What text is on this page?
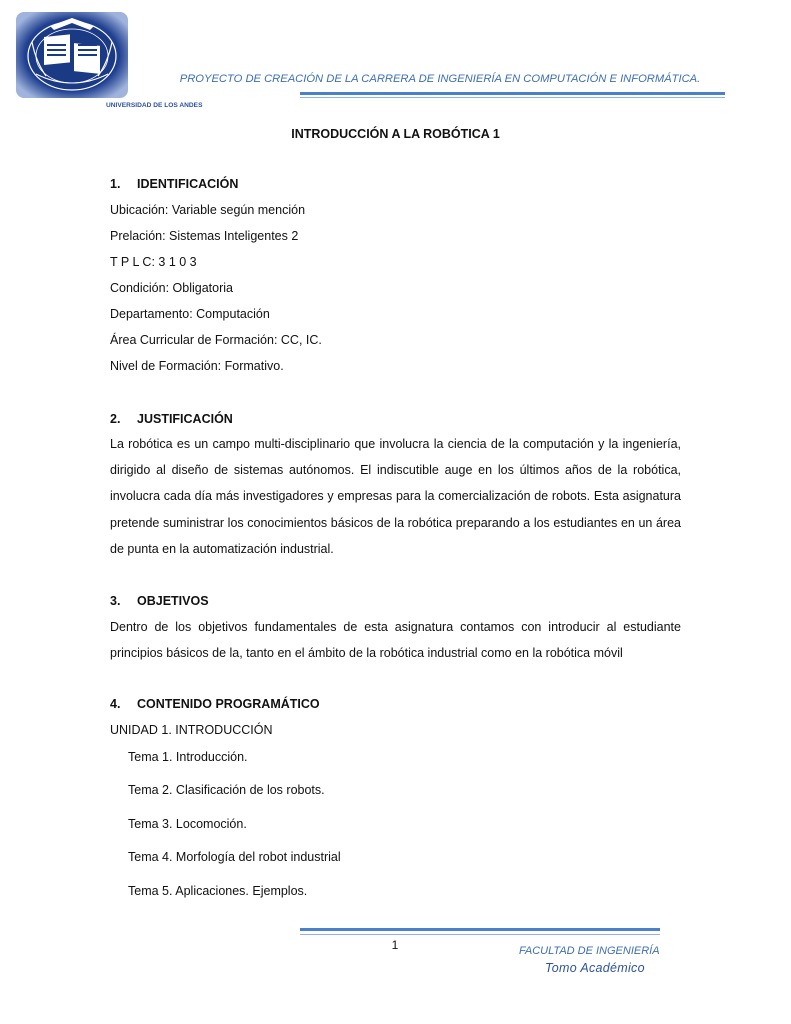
PROYECTO DE CREACIÓN DE LA CARRERA DE INGENIERÍA EN COMPUTACIÓN E INFORMÁTICA.
UNIVERSIDAD DE LOS ANDES
INTRODUCCIÓN A LA ROBÓTICA 1
1. IDENTIFICACIÓN
Ubicación: Variable según mención
Prelación: Sistemas Inteligentes 2
T P L C: 3 1 0 3
Condición: Obligatoria
Departamento: Computación
Área Curricular de Formación: CC, IC.
Nivel de Formación: Formativo.
2. JUSTIFICACIÓN
La robótica es un campo multi-disciplinario que involucra la ciencia de la computación y la ingeniería, dirigido al diseño de sistemas autónomos. El indiscutible auge en los últimos años de la robótica, involucra cada día más investigadores y empresas para la comercialización de robots. Esta asignatura pretende suministrar los conocimientos básicos de la robótica preparando a los estudiantes en un área de punta en la automatización industrial.
3. OBJETIVOS
Dentro de los objetivos fundamentales de esta asignatura contamos con introducir al estudiante principios básicos de la, tanto en el ámbito de la robótica industrial como en la robótica móvil
4. CONTENIDO PROGRAMÁTICO
UNIDAD 1. INTRODUCCIÓN
Tema 1. Introducción.
Tema 2. Clasificación de los robots.
Tema 3. Locomoción.
Tema 4. Morfología del robot industrial
Tema 5. Aplicaciones. Ejemplos.
1	FACULTAD DE INGENIERÍA
Tomo Académico
